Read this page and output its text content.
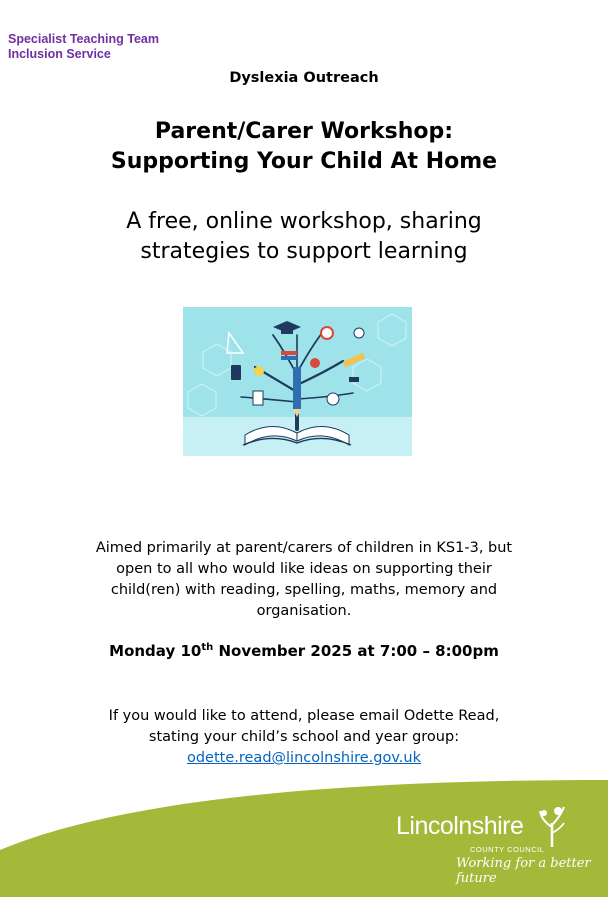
Specialist Teaching Team
Inclusion Service
Dyslexia Outreach
Parent/Carer Workshop:
Supporting Your Child At Home
A free, online workshop, sharing
strategies to support learning
Aimed primarily at parent/carers of children in KS1-3, but
open to all who would like ideas on supporting their
child(ren) with reading, spelling, maths, memory and
organisation.
Monday 10th November 2025 at 7:00 – 8:00pm
If you would like to attend, please email Odette Read,
stating your child’s school and year group:
odette.read@lincolnshire.gov.uk
Lincolnshire
COUNTY COUNCIL
Working for a better future
